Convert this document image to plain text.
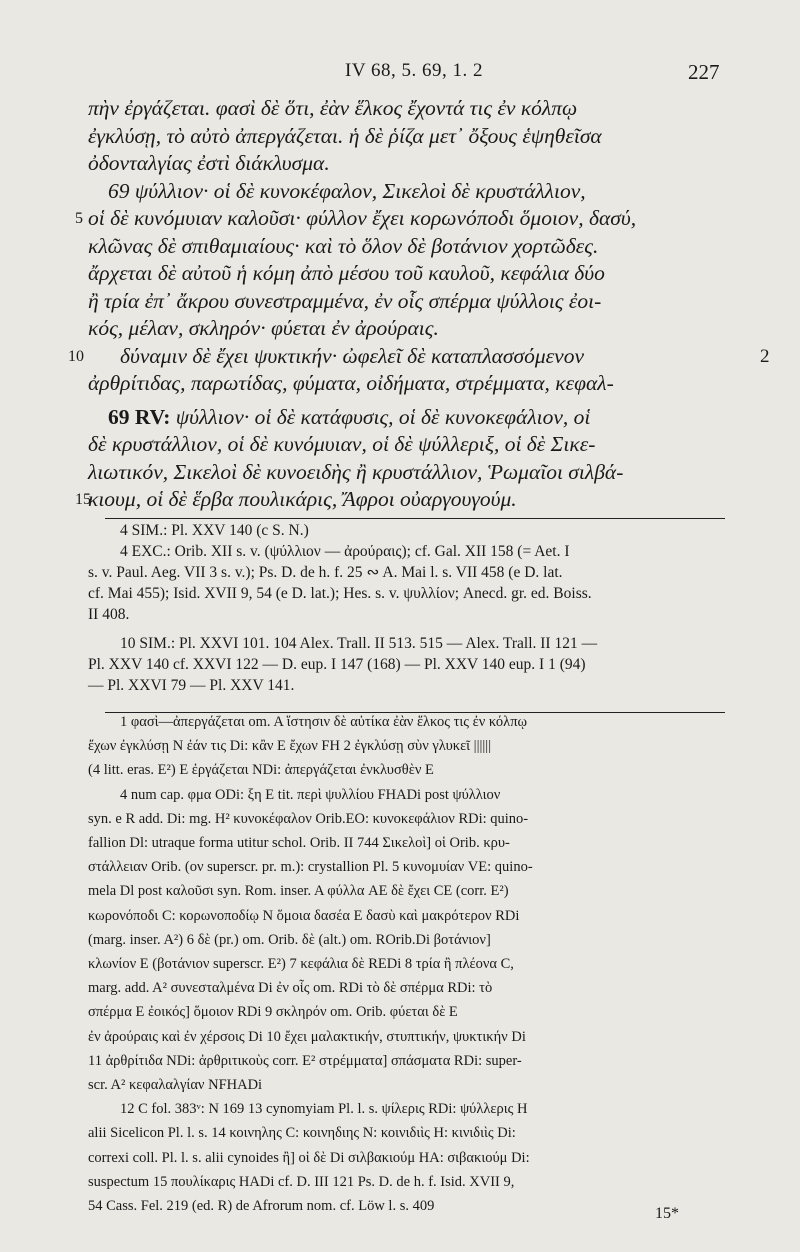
IV 68, 5. 69, 1. 2	227
πὴν ἐργάζεται. φασὶ δὲ ὅτι, ἐὰν ἕλκος ἔχοντά τις ἐν κόλπῳ
ἐγκλύσῃ, τὸ αὐτὸ ἀπεργάζεται. ἡ δὲ ῥίζα μετ᾿ ὄξους ἑψηθεῖσα
ὀδονταλγίας ἐστὶ διάκλυσμα.
69 ψύλλιον· οἱ δὲ κυνοκέφαλον, Σικελοὶ δὲ κρυστάλλιον,
5 οἱ δὲ κυνόμυιαν καλοῦσι· φύλλον ἔχει κορωνόποδι ὅμοιον, δασύ,
κλῶνας δὲ σπιθαμιαίους· καὶ τὸ ὅλον δὲ βοτάνιον χορτῶδες.
ἄρχεται δὲ αὐτοῦ ἡ κόμη ἀπὸ μέσου τοῦ καυλοῦ, κεφάλια δύο
ἢ τρία ἐπ᾿ ἄκρου συνεστραμμένα, ἐν οἷς σπέρμα ψύλλοις ἐοι-
κός, μέλαν, σκληρόν· φύεται ἐν ἀρούραις.
10 δύναμιν δὲ ἔχει ψυκτικήν· ὠφελεῖ δὲ καταπλασσόμενον	2
ἀρθρίτιδας, παρωτίδας, φύματα, οἰδήματα, στρέμματα, κεφαλ-
69 RV: ψύλλιον· οἱ δὲ κατάφυσις, οἱ δὲ κυνοκεφάλιον, οἱ
δὲ κρυστάλλιον, οἱ δὲ κυνόμυιαν, οἱ δὲ ψύλλεριξ, οἱ δὲ Σικε-
λιωτικόν, Σικελοὶ δὲ κυνοειδὴς ἢ κρυστάλλιον, Ῥωμαῖοι σιλβά-
15
κιουμ, οἱ δὲ ἕρβα πουλικάρις, Ἄφροι οὐαργουγούμ.

4 SIM.: Pl. XXV 140 (c S. N.)

4 EXC.: Orib. XII s. v. (ψύλλιον — ἀρούραις); cf. Gal. XII 158 (= Aet. I

s. v. Paul. Aeg. VII 3 s. v.); Ps. D. de h. f. 25 ∾ A. Mai l. s. VII 458 (e D. lat.

cf. Mai 455); Isid. XVII 9, 54 (e D. lat.); Hes. s. v. ψυλλίον; Anecd. gr. ed. Boiss.

II 408.

10 SIM.: Pl. XXVI 101. 104 Alex. Trall. II 513. 515 — Alex. Trall. II 121 —

Pl. XXV 140 cf. XXVI 122 — D. eup. I 147 (168) — Pl. XXV 140 eup. I 1 (94)

— Pl. XXVI 79 — Pl. XXV 141.

1 φασὶ—ἀπεργάζεται om. A ἵστησιν δὲ αὐτίκα ἐὰν ἕλκος τις ἐν κόλπῳ

ἔχων ἐγκλύσῃ N ἐάν τις Di: κἂν E ἔχων FH 2 ἐγκλύσῃ σὺν γλυκεῖ ||||||

(4 litt. eras. E²) E ἐργάζεται NDi: ἀπεργάζεται ἐνκλυσθὲν E

4 num cap. φμα ODi: ξη E tit. περὶ ψυλλίου FHADi post ψύλλιον

syn. e R add. Di: mg. H² κυνοκέφαλον Orib.EO: κυνοκεφάλιον RDi: quino-

fallion Dl: utraque forma utitur schol. Orib. II 744 Σικελοὶ] οἱ Orib. κρυ-

στάλλειαν Orib. (ον superscr. pr. m.): crystallion Pl. 5 κυνομυίαν VE: quino-

mela Dl post καλοῦσι syn. Rom. inser. A φύλλα AE δὲ ἔχει CE (corr. E²)

κωρονόποδι C: κορωνοποδίῳ N ὅμοια δασέα E δασὺ καὶ μακρότερον RDi

(marg. inser. A²) 6 δὲ (pr.) om. Orib. δὲ (alt.) om. ROrib.Di βοτάνιον]

κλωνίον E (βοτάνιον superscr. E²) 7 κεφάλια δὲ REDi 8 τρία ἢ πλέονα C,

marg. add. A² συνεσταλμένα Di ἐν οἷς om. RDi τὸ δὲ σπέρμα RDi: τὸ

σπέρμα E ἐοικός] ὅμοιον RDi 9 σκληρόν om. Orib. φύεται δὲ E

ἐν ἀρούραις καὶ ἐν χέρσοις Di 10 ἔχει μαλακτικήν, στυπτικήν, ψυκτικήν Di

11 ἀρθρίτιδα NDi: ἀρθριτικοὺς corr. E² στρέμματα] σπάσματα RDi: super-

scr. A² κεφαλαλγίαν NFHADi

12 C fol. 383ᵛ: N 169 13 cynomyiam Pl. l. s. ψίλερις RDi: ψύλλερις H

alii Sicelicon Pl. l. s. 14 κοινηλης C: κοινηδιης N: κοινιδιὶς H: κινιδιὶς Di:

correxi coll. Pl. l. s. alii cynoides ἢ] οἱ δὲ Di σιλβακιούμ HA: σιβακιούμ Di:

suspectum 15 πουλίκαρις HADi cf. D. III 121 Ps. D. de h. f. Isid. XVII 9,

54 Cass. Fel. 219 (ed. R) de Afrorum nom. cf. Löw l. s. 409	15*
